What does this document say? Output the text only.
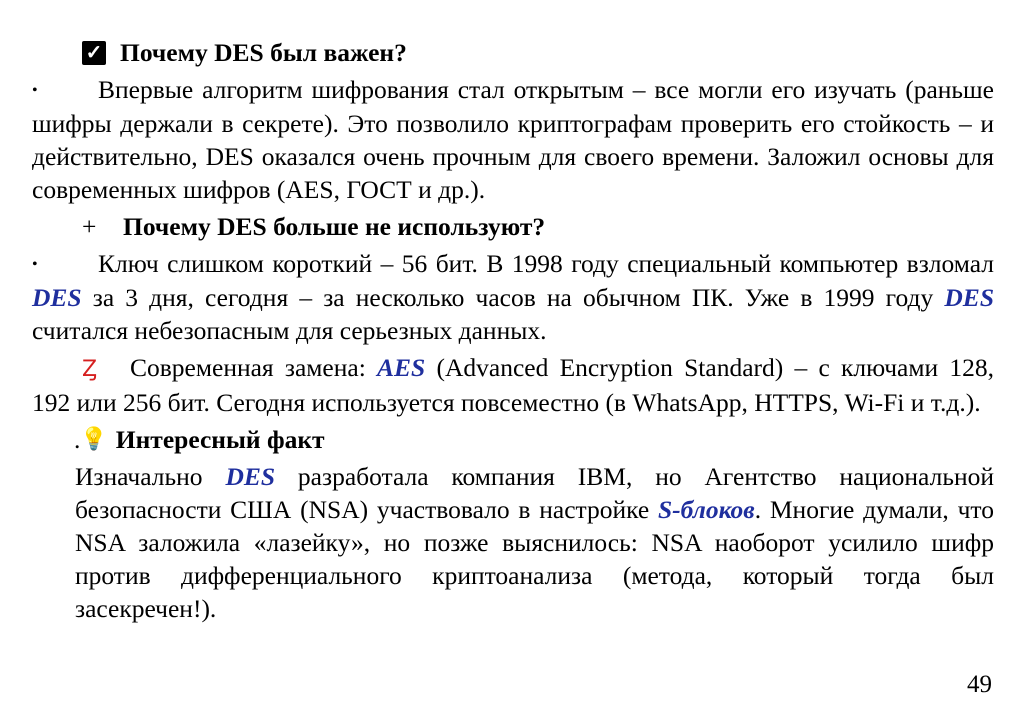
✓ Почему DES был важен?
• Впервые алгоритм шифрования стал открытым – все могли его изучать (раньше шифры держали в секрете). Это позволило криптографам проверить его стойкость – и действительно, DES оказался очень прочным для своего времени. Заложил основы для современных шифров (AES, ГОСТ и др.).
+	Почему DES больше не используют?
• Ключ слишком короткий – 56 бит. В 1998 году специальный компьютер взломал DES за 3 дня, сегодня – за несколько часов на обычном ПК. Уже в 1999 году DES считался небезопасным для серьезных данных.
Ȥ Современная замена: AES (Advanced Encryption Standard) – с ключами 128, 192 или 256 бит. Сегодня используется повсеместно (в WhatsApp, HTTPS, Wi-Fi и т.д.).
. 💡 Интересный факт
Изначально DES разработала компания IBM, но Агентство национальной безопасности США (NSA) участвовало в настройке S-блоков. Многие думали, что NSA заложила «лазейку», но позже выяснилось: NSA наоборот усилило шифр против дифференциального криптоанализа (метода, который тогда был засекречен!).
49
